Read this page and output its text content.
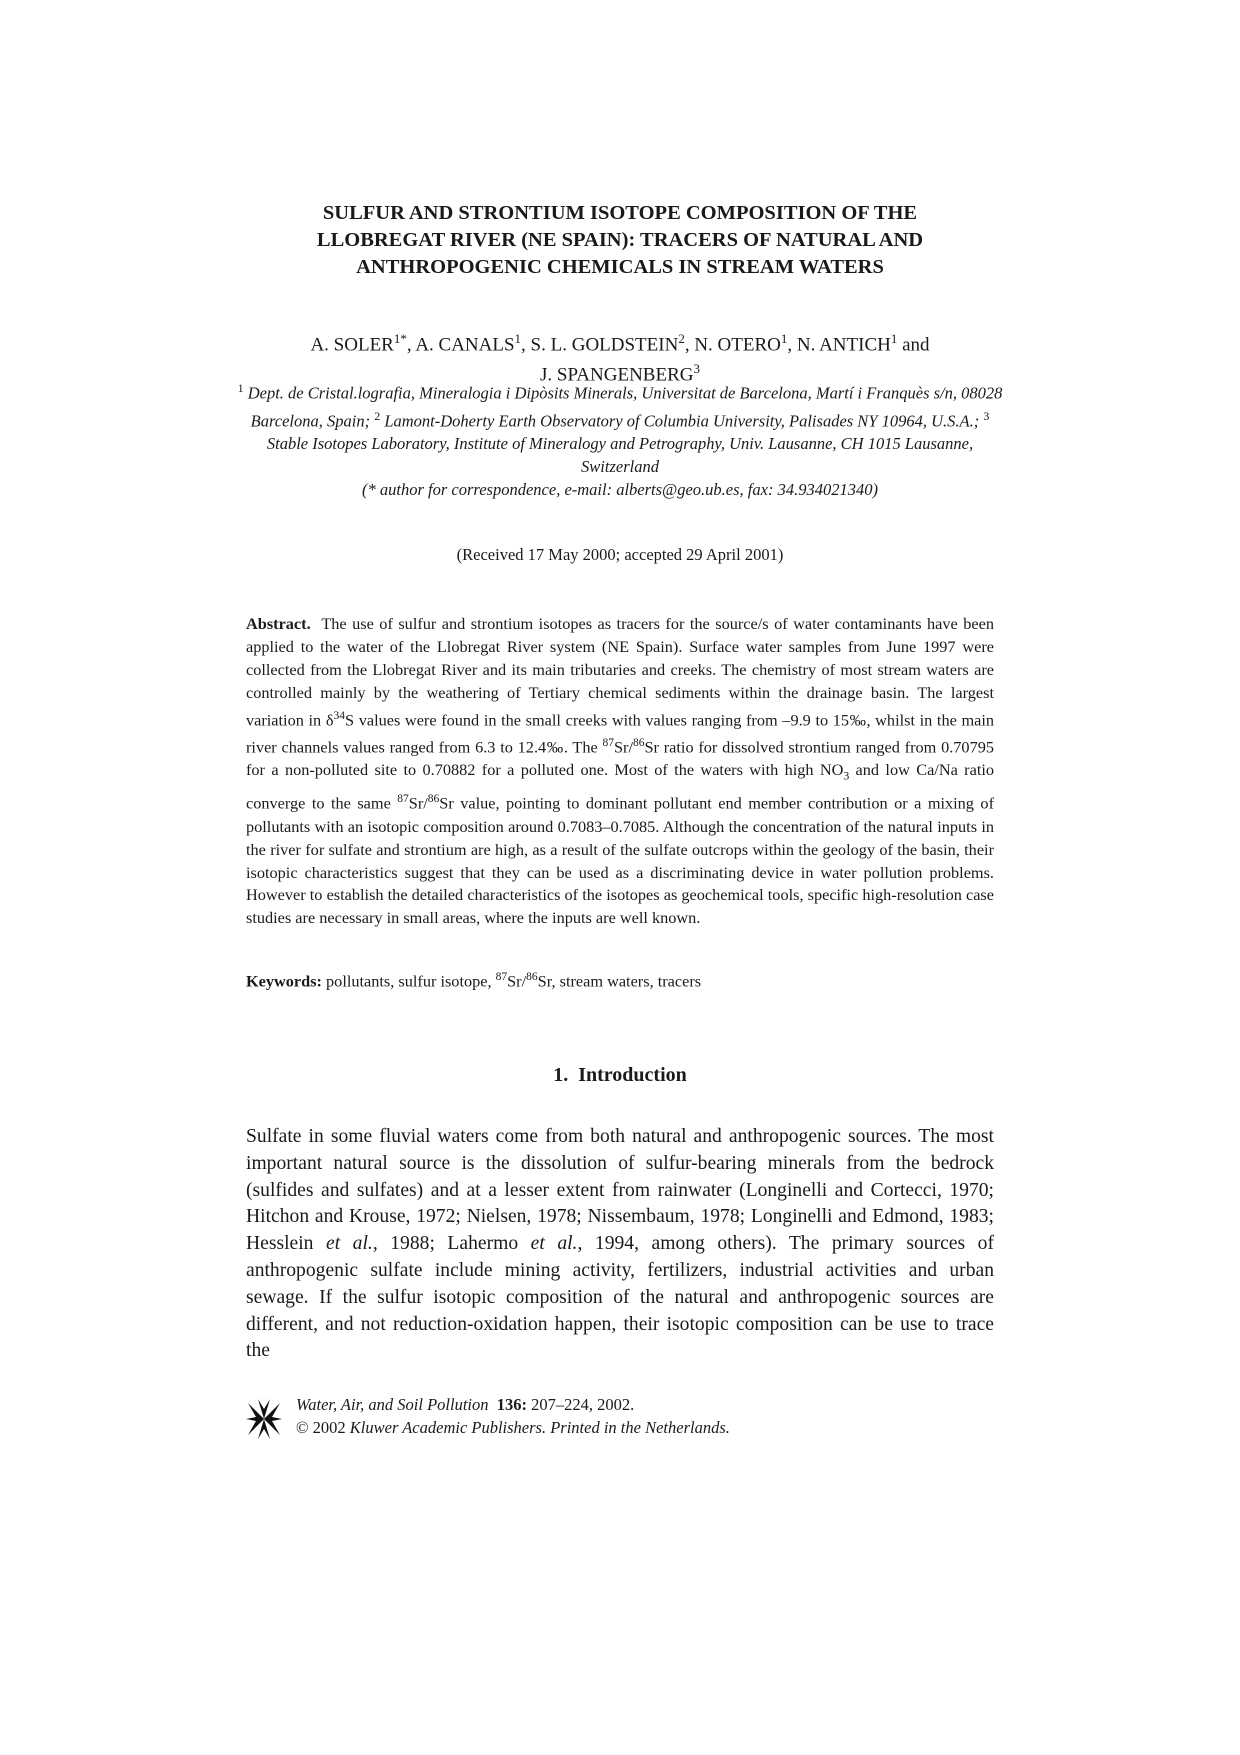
SULFUR AND STRONTIUM ISOTOPE COMPOSITION OF THE
LLOBREGAT RIVER (NE SPAIN): TRACERS OF NATURAL AND
ANTHROPOGENIC CHEMICALS IN STREAM WATERS
A. $SOLER^{1*}$, A. CANALS$^1$, S. L. GOLDSTEIN$^2$, N. OTERO$^1$, N. ANTICH$^1$ and
J. SPANGENBERG$^3$
$^1$ Dept. de Cristal.lografia, Mineralogia i Dipòsits Minerals, Universitat de Barcelona, Martí i Franquès s/n, 08028 Barcelona, Spain; $^2$ Lamont-Doherty Earth Observatory of Columbia University, Palisades NY 10964, U.S.A.; $^3$ Stable Isotopes Laboratory, Institute of Mineralogy and Petrography, Univ. Lausanne, CH 1015 Lausanne, Switzerland
(* author for correspondence, e-mail: alberts@geo.ub.es, fax: 34.934021340)
(Received 17 May 2000; accepted 29 April 2001)
Abstract. The use of sulfur and strontium isotopes as tracers for the source/s of water contaminants have been applied to the water of the Llobregat River system (NE Spain). Surface water samples from June 1997 were collected from the Llobregat River and its main tributaries and creeks. The chemistry of most stream waters are controlled mainly by the weathering of Tertiary chemical sediments within the drainage basin. The largest variation in $\delta^{34}S$ values were found in the small creeks with values ranging from –9.9 to 15‰, whilst in the main river channels values ranged from 6.3 to 12.4‰. The $^{87}$Sr/$^{86}$Sr ratio for dissolved strontium ranged from 0.70795 for a non-polluted site to 0.70882 for a polluted one. Most of the waters with high $NO_3$ and low Ca/Na ratio converge to the same $^{87}$Sr/$^{86}$Sr value, pointing to dominant pollutant end member contribution or a mixing of pollutants with an isotopic composition around 0.7083–0.7085. Although the concentration of the natural inputs in the river for sulfate and strontium are high, as a result of the sulfate outcrops within the geology of the basin, their isotopic characteristics suggest that they can be used as a discriminating device in water pollution problems. However to establish the detailed characteristics of the isotopes as geochemical tools, specific high-resolution case studies are necessary in small areas, where the inputs are well known.
Keywords: pollutants, sulfur isotope, $^{87}$Sr/$^{86}$Sr, stream waters, tracers
1. Introduction
Sulfate in some fluvial waters come from both natural and anthropogenic sources. The most important natural source is the dissolution of sulfur-bearing minerals from the bedrock (sulfides and sulfates) and at a lesser extent from rainwater (Longinelli and Cortecci, 1970; Hitchon and Krouse, 1972; Nielsen, 1978; Nissembaum, 1978; Longinelli and Edmond, 1983; Hesslein et al., 1988; Lahermo et al., 1994, among others). The primary sources of anthropogenic sulfate include mining activity, fertilizers, industrial activities and urban sewage. If the sulfur isotopic composition of the natural and anthropogenic sources are different, and not reduction-oxidation happen, their isotopic composition can be use to trace the
Water, Air, and Soil Pollution 136: 207–224, 2002.
© 2002 Kluwer Academic Publishers. Printed in the Netherlands.
